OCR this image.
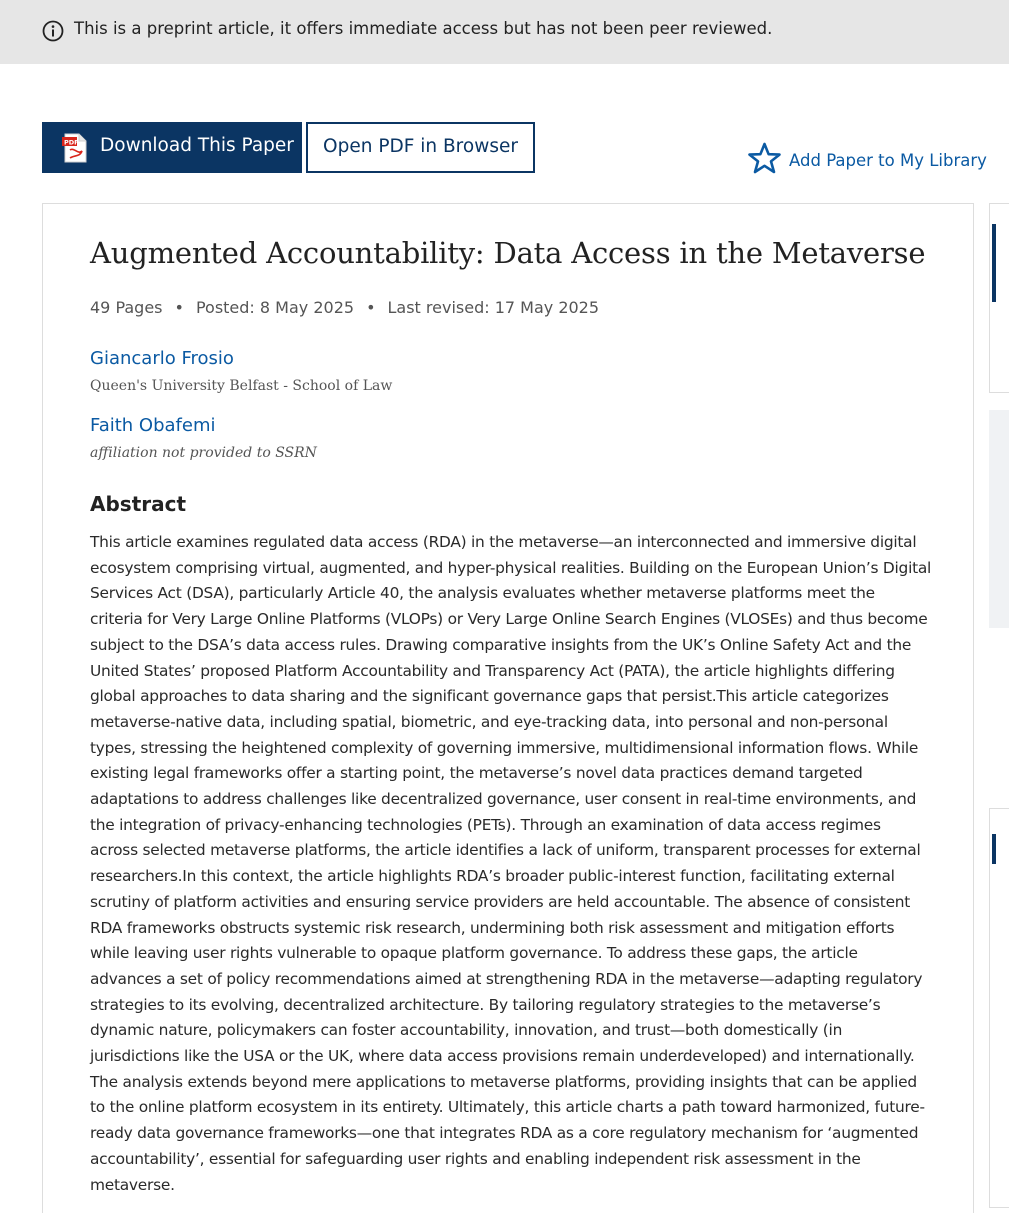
This is a preprint article, it offers immediate access but has not been peer reviewed.
PDF Download This Paper	Open PDF in Browser
Add Paper to My Library
Augmented Accountability: Data Access in the Metaverse
49 Pages • Posted: 8 May 2025 • Last revised: 17 May 2025
Giancarlo Frosio
Queen's University Belfast - School of Law
Faith Obafemi
affiliation not provided to SSRN
Abstract

This article examines regulated data access (RDA) in the metaverse—an interconnected and immersive digital ecosystem comprising virtual, augmented, and hyper-physical realities. Building on the European Union’s Digital Services Act (DSA), particularly Article 40, the analysis evaluates whether metaverse platforms meet the criteria for Very Large Online Platforms (VLOPs) or Very Large Online Search Engines (VLOSEs) and thus become subject to the DSA’s data access rules. Drawing comparative insights from the UK’s Online Safety Act and the United States’ proposed Platform Accountability and Transparency Act (PATA), the article highlights differing global approaches to data sharing and the significant governance gaps that persist.This article categorizes metaverse-native data, including spatial, biometric, and eye-tracking data, into personal and non-personal types, stressing the heightened complexity of governing immersive, multidimensional information flows. While existing legal frameworks offer a starting point, the metaverse’s novel data practices demand targeted adaptations to address challenges like decentralized governance, user consent in real-time environments, and the integration of privacy-enhancing technologies (PETs). Through an examination of data access regimes across selected metaverse platforms, the article identifies a lack of uniform, transparent processes for external researchers.In this context, the article highlights RDA’s broader public-interest function, facilitating external scrutiny of platform activities and ensuring service providers are held accountable. The absence of consistent RDA frameworks obstructs systemic risk research, undermining both risk assessment and mitigation efforts while leaving user rights vulnerable to opaque platform governance. To address these gaps, the article advances a set of policy recommendations aimed at strengthening RDA in the metaverse—adapting regulatory strategies to its evolving, decentralized architecture. By tailoring regulatory strategies to the metaverse’s dynamic nature, policymakers can foster accountability, innovation, and trust—both domestically (in jurisdictions like the USA or the UK, where data access provisions remain underdeveloped) and internationally. The analysis extends beyond mere applications to metaverse platforms, providing insights that can be applied to the online platform ecosystem in its entirety. Ultimately, this article charts a path toward harmonized, future-ready data governance frameworks—one that integrates RDA as a core regulatory mechanism for ‘augmented accountability’, essential for safeguarding user rights and enabling independent risk assessment in the metaverse.
